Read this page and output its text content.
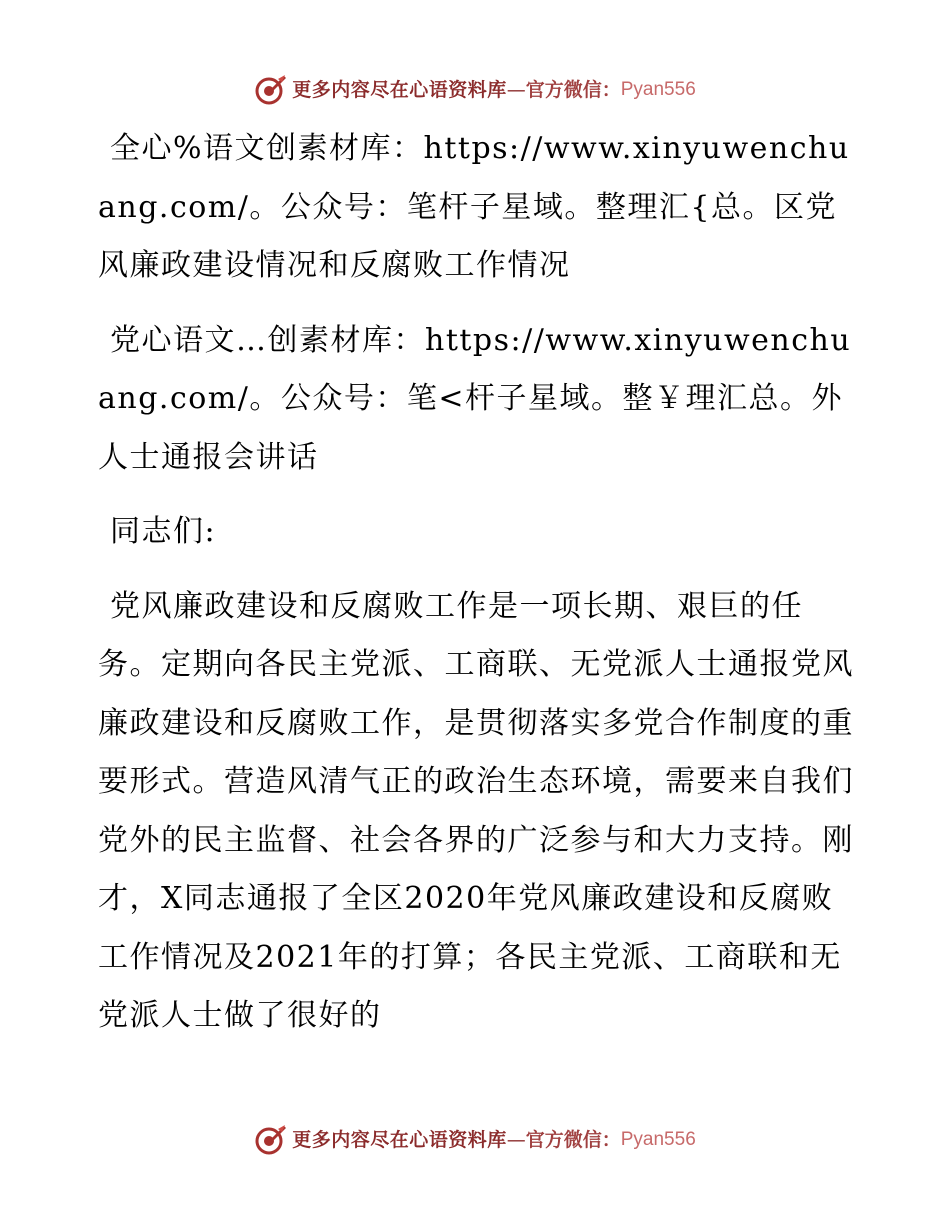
更多内容尽在心语资料库 — 官方微信： Pyan556

全心%语文创素材库：https://www.xinyuwenchuang.com/。公众号：笔杆子星域。整理汇{总。区党风廉政建设情况和反腐败工作情况

党心语文…创素材库：https://www.xinyuwenchuang.com/。公众号：笔<杆子星域。整￥理汇总。外人士通报会讲话

同志们:

党风廉政建设和反腐败工作是一项长期、艰巨的任务。定期向各民主党派、工商联、无党派人士通报党风廉政建设和反腐败工作，是贯彻落实多党合作制度的重要形式。营造风清气正的政治生态环境，需要来自我们党外的民主监督、社会各界的广泛参与和大力支持。刚才，X同志通报了全区2020年党风廉政建设和反腐败工作情况及2021年的打算；各民主党派、工商联和无党派人士做了很好的

更多内容尽在心语资料库 — 官方微信： Pyan556
